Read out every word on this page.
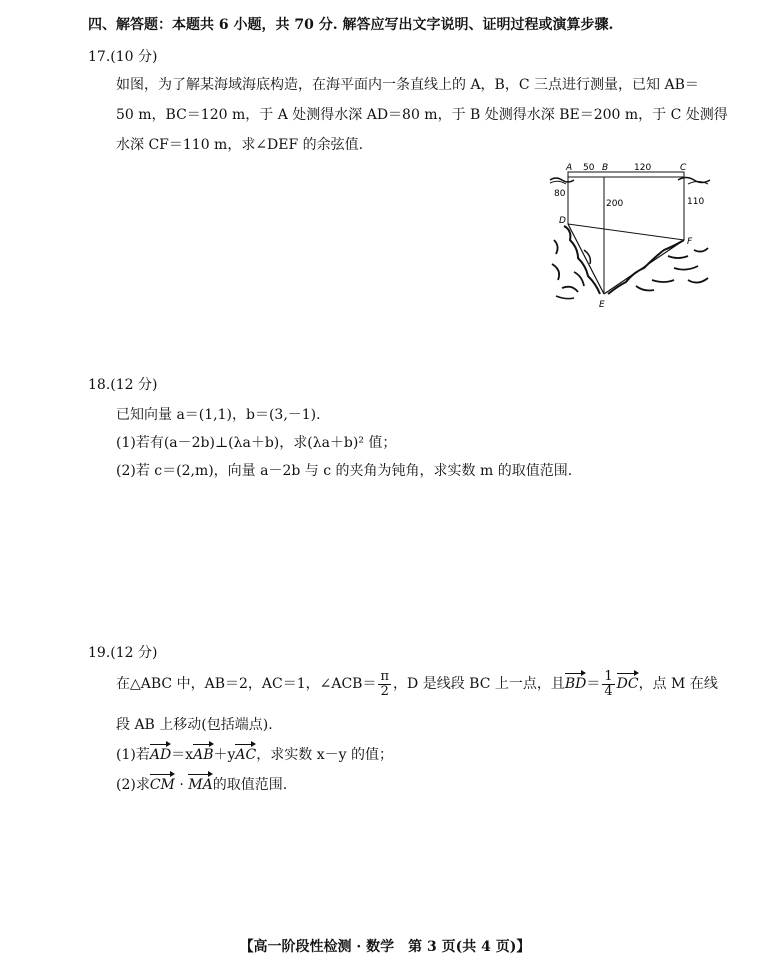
四、解答题：本题共 6 小题，共 70 分. 解答应写出文字说明、证明过程或演算步骤.
17.(10 分)
如图，为了解某海域海底构造，在海平面内一条直线上的 A，B，C 三点进行测量，已知 AB＝
50 m，BC＝120 m，于 A 处测得水深 AD＝80 m，于 B 处测得水深 BE＝200 m，于 C 处测得
水深 CF＝110 m，求∠DEF 的余弦值.
A 50 B	120	C
80
200	110
D
E
F
18.(12 分)
已知向量 a＝(1,1)，b＝(3,－1).
(1)若有(a－2b)⊥(λa＋b)，求(λa＋b)² 值；
(2)若 c＝(2,m)，向量 a－2b 与 c 的夹角为钝角，求实数 m 的取值范围.
19.(12 分)
在△ABC 中，AB＝2，AC＝1，∠ACB＝ $\frac{\pi}{2}$ ，D 是线段 BC 上一点，且$BD= \frac{1}{4}$ DC，点 M 在线
段 AB 上移动(包括端点).
(1)若AD＝xAB＋yAC，求实数 x－y 的值；
(2)求CM · MA的取值范围.
【高一阶段性检测 · 数学　第 3 页(共 4 页)】
